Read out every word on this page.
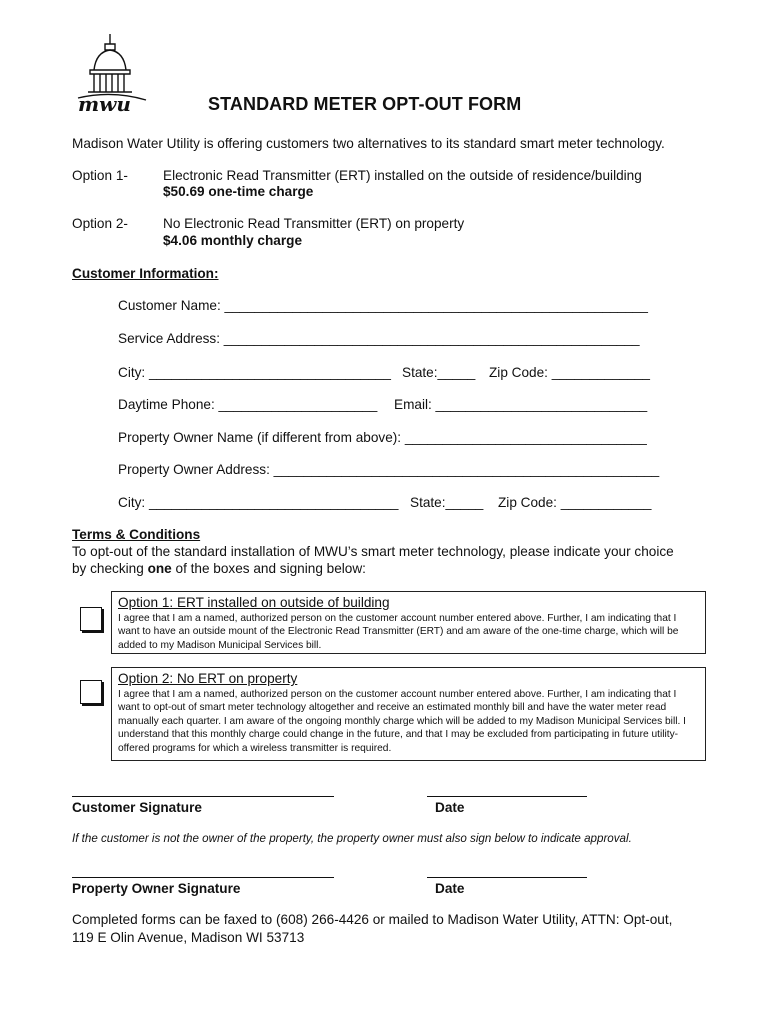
mwu	STANDARD METER OPT-OUT FORM
Madison Water Utility is offering customers two alternatives to its standard smart meter technology.
Option 1-	Electronic Read Transmitter (ERT) installed on the outside of residence/building
$50.69 one-time charge
Option 2-	No Electronic Read Transmitter (ERT) on property
$4.06 monthly charge
Customer Information:
Customer Name: ________________________________________________________
Service Address: _______________________________________________________
City: ________________________________ State:_____ Zip Code: _____________
Daytime Phone: _____________________ Email: ____________________________
Property Owner Name (if different from above): ________________________________
Property Owner Address: ___________________________________________________
City: _________________________________ State:_____ Zip Code: ____________
Terms & Conditions
To opt-out of the standard installation of MWU’s smart meter technology, please indicate your choice
by checking one of the boxes and signing below:
Option 1: ERT installed on outside of building
I agree that I am a named, authorized person on the customer account number entered above. Further, I am indicating that I want to have an outside mount of the Electronic Read Transmitter (ERT) and am aware of the one-time charge, which will be added to my Madison Municipal Services bill.
Option 2: No ERT on property
I agree that I am a named, authorized person on the customer account number entered above. Further, I am indicating that I want to opt-out of smart meter technology altogether and receive an estimated monthly bill and have the water meter read manually each quarter. I am aware of the ongoing monthly charge which will be added to my Madison Municipal Services bill. I understand that this monthly charge could change in the future, and that I may be excluded from participating in future utility-offered programs for which a wireless transmitter is required.
Customer Signature	Date
If the customer is not the owner of the property, the property owner must also sign below to indicate approval.
Property Owner Signature	Date
Completed forms can be faxed to (608) 266-4426 or mailed to Madison Water Utility, ATTN: Opt-out,
119 E Olin Avenue, Madison WI 53713
